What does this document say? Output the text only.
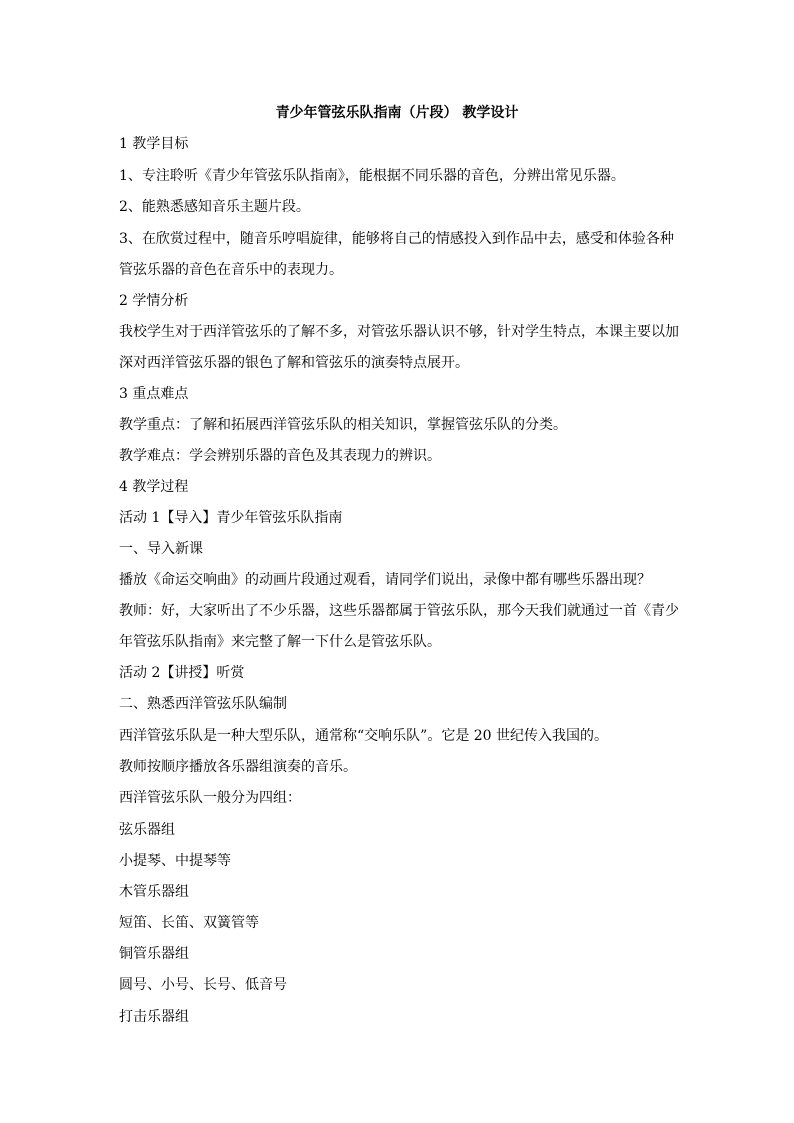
青少年管弦乐队指南（片段） 教学设计
1 教学目标
1、专注聆听《青少年管弦乐队指南》，能根据不同乐器的音色，分辨出常见乐器。
2、能熟悉感知音乐主题片段。
3、在欣赏过程中，随音乐哼唱旋律，能够将自己的情感投入到作品中去，感受和体验各种
管弦乐器的音色在音乐中的表现力。
2 学情分析
我校学生对于西洋管弦乐的了解不多，对管弦乐器认识不够，针对学生特点，本课主要以加
深对西洋管弦乐器的银色了解和管弦乐的演奏特点展开。
3 重点难点
教学重点：了解和拓展西洋管弦乐队的相关知识，掌握管弦乐队的分类。
教学难点：学会辨别乐器的音色及其表现力的辨识。
4 教学过程
活动 1【导入】青少年管弦乐队指南
一、导入新课
播放《命运交响曲》的动画片段通过观看，请同学们说出，录像中都有哪些乐器出现？
教师：好，大家听出了不少乐器，这些乐器都属于管弦乐队，那今天我们就通过一首《青少
年管弦乐队指南》来完整了解一下什么是管弦乐队。
活动 2【讲授】听赏
二、熟悉西洋管弦乐队编制
西洋管弦乐队是一种大型乐队，通常称“交响乐队”。它是 20 世纪传入我国的。
教师按顺序播放各乐器组演奏的音乐。
西洋管弦乐队一般分为四组：
弦乐器组
小提琴、中提琴等
木管乐器组
短笛、长笛、双簧管等
铜管乐器组
圆号、小号、长号、低音号
打击乐器组
